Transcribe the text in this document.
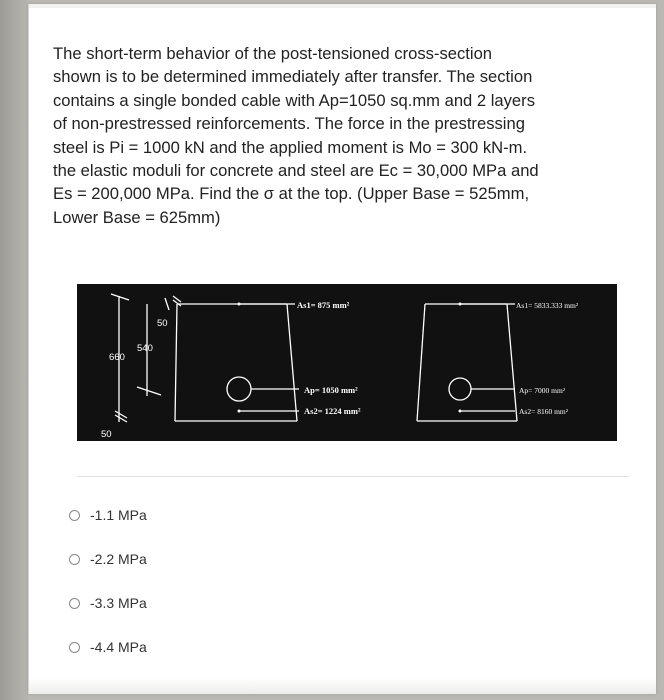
The short-term behavior of the post-tensioned cross-section
shown is to be determined immediately after transfer. The section
contains a single bonded cable with Ap=1050 sq.mm and 2 layers
of non-prestressed reinforcements. The force in the prestressing
steel is Pi = 1000 kN and the applied moment is Mo = 300 kN-m.
the elastic moduli for concrete and steel are Ec = 30,000 MPa and
Es = 200,000 MPa. Find the σ at the top. (Upper Base = 525mm,
Lower Base = 625mm)

50
540
660
50
As1= 875 mm²
Ap= 1050 mm²
As2= 1224 mm²
As1= 5833.333 mm²
Ap= 7000 mm²
As2= 8160 mm²
-1.1 MPa
-2.2 MPa
-3.3 MPa
-4.4 MPa
